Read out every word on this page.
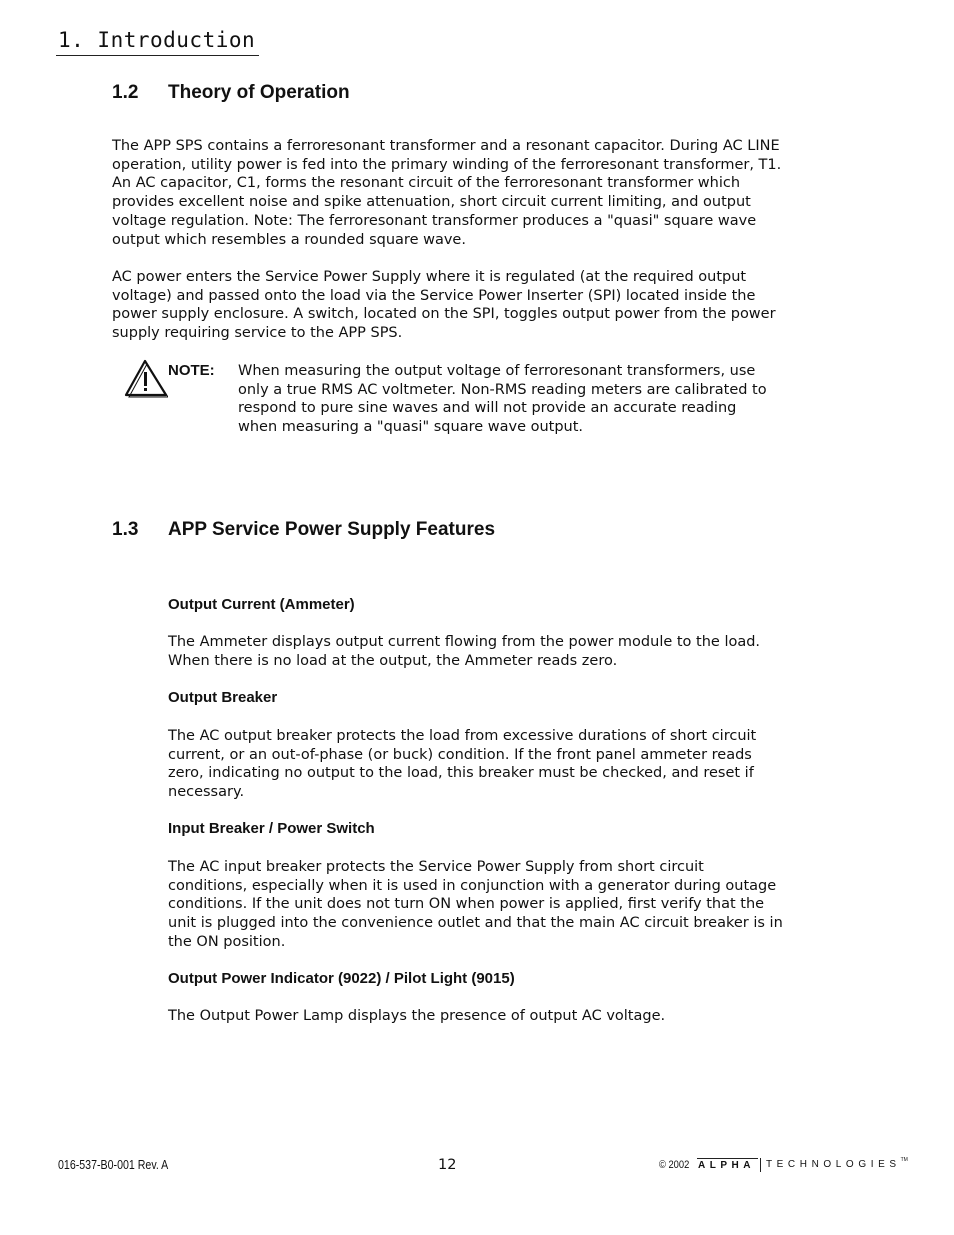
1. Introduction
1.2 Theory of Operation

The APP SPS contains a ferroresonant transformer and a resonant capacitor. During AC LINE operation, utility power is fed into the primary winding of the ferroresonant transformer, T1. An AC capacitor, C1, forms the resonant circuit of the ferroresonant transformer which provides excellent noise and spike attenuation, short circuit current limiting, and output voltage regulation. Note: The ferroresonant transformer produces a "quasi" square wave output which resembles a rounded square wave.

AC power enters the Service Power Supply where it is regulated (at the required output voltage) and passed onto the load via the Service Power Inserter (SPI) located inside the power supply enclosure. A switch, located on the SPI, toggles output power from the power supply requiring service to the APP SPS.

NOTE: When measuring the output voltage of ferroresonant transformers, use only a true RMS AC voltmeter. Non-RMS reading meters are calibrated to respond to pure sine waves and will not provide an accurate reading when measuring a "quasi" square wave output.

1.3 APP Service Power Supply Features
Output Current (Ammeter)

The Ammeter displays output current flowing from the power module to the load. When there is no load at the output, the Ammeter reads zero.

Output Breaker

The AC output breaker protects the load from excessive durations of short circuit current, or an out-of-phase (or buck) condition. If the front panel ammeter reads zero, indicating no output to the load, this breaker must be checked, and reset if necessary.

Input Breaker / Power Switch

The AC input breaker protects the Service Power Supply from short circuit conditions, especially when it is used in conjunction with a generator during outage conditions. If the unit does not turn ON when power is applied, first verify that the unit is plugged into the convenience outlet and that the main AC circuit breaker is in the ON position.

Output Power Indicator (9022) / Pilot Light (9015)

The Output Power Lamp displays the presence of output AC voltage.

016-537-B0-001 Rev. A	12	© 2002 ALPHA	TECHNOLOGIES TM
